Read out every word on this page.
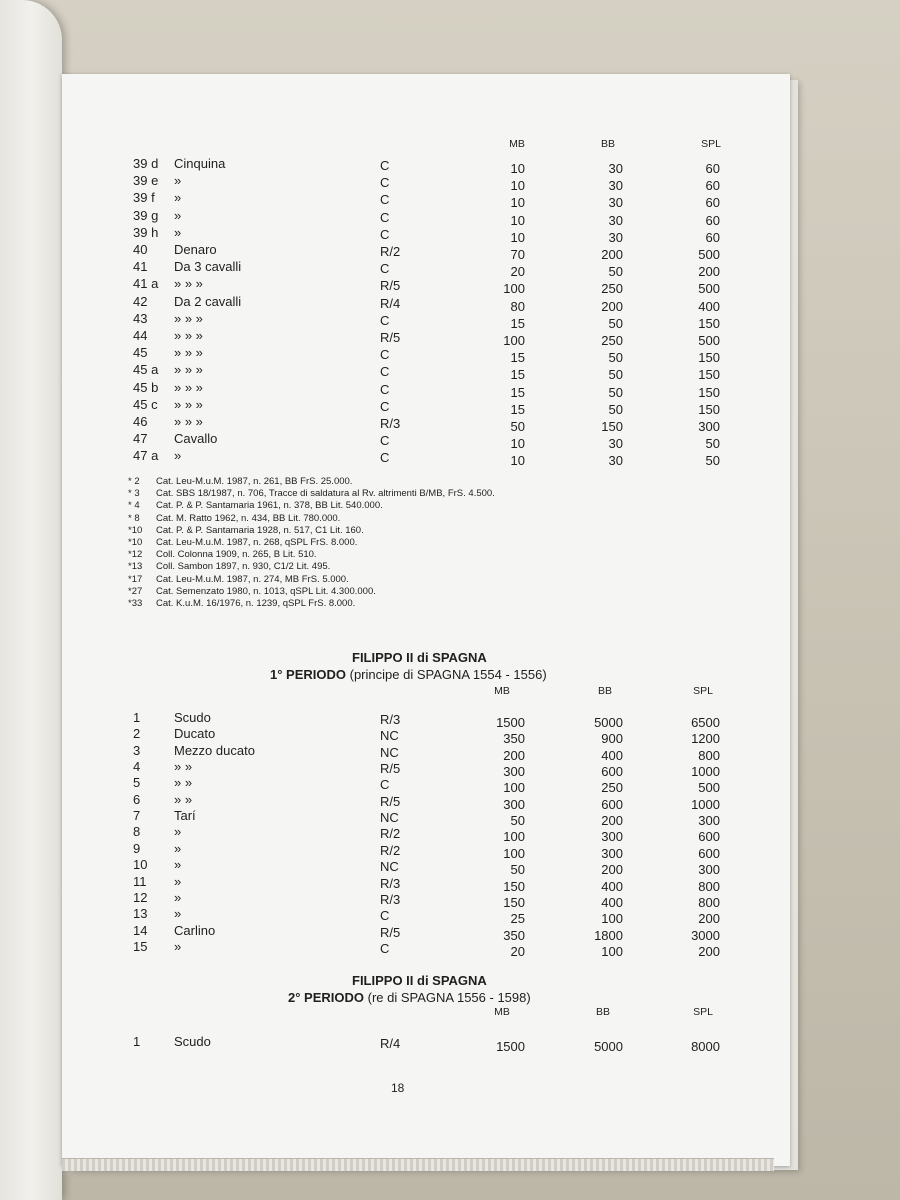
MB	BB	SPL
39 d Cinquina	C	10	30	60
39 e »	C	10	30	60
39 f »	C	10	30	60
39 g »	C	10	30	60
39 h »	C	10	30	60
40 Denaro	R/2	70	200	500
41 Da 3 cavalli	C	20	50	200
41 a » » »	R/5	100	250	500
42 Da 2 cavalli	R/4	80	200	400
43 » » »	C	15	50	150
44 » » »	R/5	100	250	500
45 » » »	C	15	50	150
45 a » » »	C	15	50	150
45 b » » »	C	15	50	150
45 c » » »	C	15	50	150
46 » » »	R/3	50	150	300
47 Cavallo	C	10	30	50
47 a »	C	10	30	50
* 2 Cat. Leu-M.u.M. 1987, n. 261, BB FrS. 25.000.
* 3 Cat. SBS 18/1987, n. 706, Tracce di saldatura al Rv. altrimenti B/MB, FrS. 4.500.
* 4 Cat. P. & P. Santamaria 1961, n. 378, BB Lit. 540.000.
* 8 Cat. M. Ratto 1962, n. 434, BB Lit. 780.000.
*10 Cat. P. & P. Santamaria 1928, n. 517, C1 Lit. 160.
*10 Cat. Leu-M.u.M. 1987, n. 268, qSPL FrS. 8.000.
*12 Coll. Colonna 1909, n. 265, B Lit. 510.
*13 Coll. Sambon 1897, n. 930, C1/2 Lit. 495.
*17 Cat. Leu-M.u.M. 1987, n. 274, MB FrS. 5.000.
*27 Cat. Semenzato 1980, n. 1013, qSPL Lit. 4.300.000.
*33 Cat. K.u.M. 16/1976, n. 1239, qSPL FrS. 8.000.
FILIPPO II di SPAGNA
1° PERIODO (principe di SPAGNA 1554 - 1556)
MB	BB	SPL
1	Scudo	R/3	1500	5000	6500
2	Ducato	NC	350	900	1200
3	Mezzo ducato	NC	200	400	800
4	» »	R/5	300	600	1000
5	» »	C	100	250	500
6	» »	R/5	300	600	1000
7	Tarí	NC	50	200	300
8	»	R/2	100	300	600
9	»	R/2	100	300	600
10 »	NC	50	200	300
11 »	R/3	150	400	800
12 »	R/3	150	400	800
13 »	C	25	100	200
14 Carlino	R/5	350	1800	3000
15 »	C	20	100	200
FILIPPO II di SPAGNA
2° PERIODO (re di SPAGNA 1556 - 1598)
MB	BB	SPL
1	Scudo	R/4	1500	5000	8000
18
